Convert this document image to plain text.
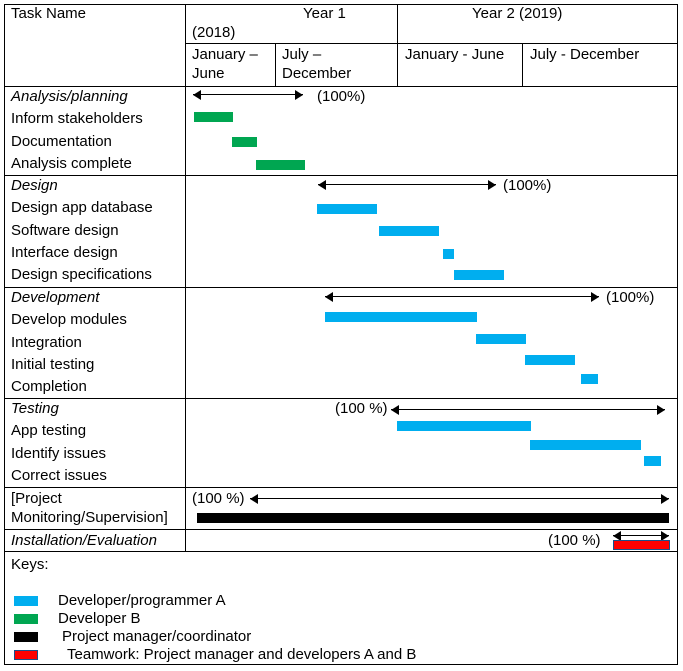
Task Name	Year 1
(2018)
Year 2 (2019)
January –
June
July –
December
January - June July - December
Analysis/planning
Inform stakeholders
Documentation
Analysis complete
(100%)
Design
Design app database
Software design
Interface design
Design specifications
(100%)
Development
Develop modules
Integration
Initial testing
Completion
(100%)
Testing
App testing
Identify issues
Correct issues
(100 %)
[Project
Monitoring/Supervision]
(100 %)
Installation/Evaluation	(100 %)
Keys:
Developer/programmer A
Developer B
Project manager/coordinator
Teamwork: Project manager and developers A and B
